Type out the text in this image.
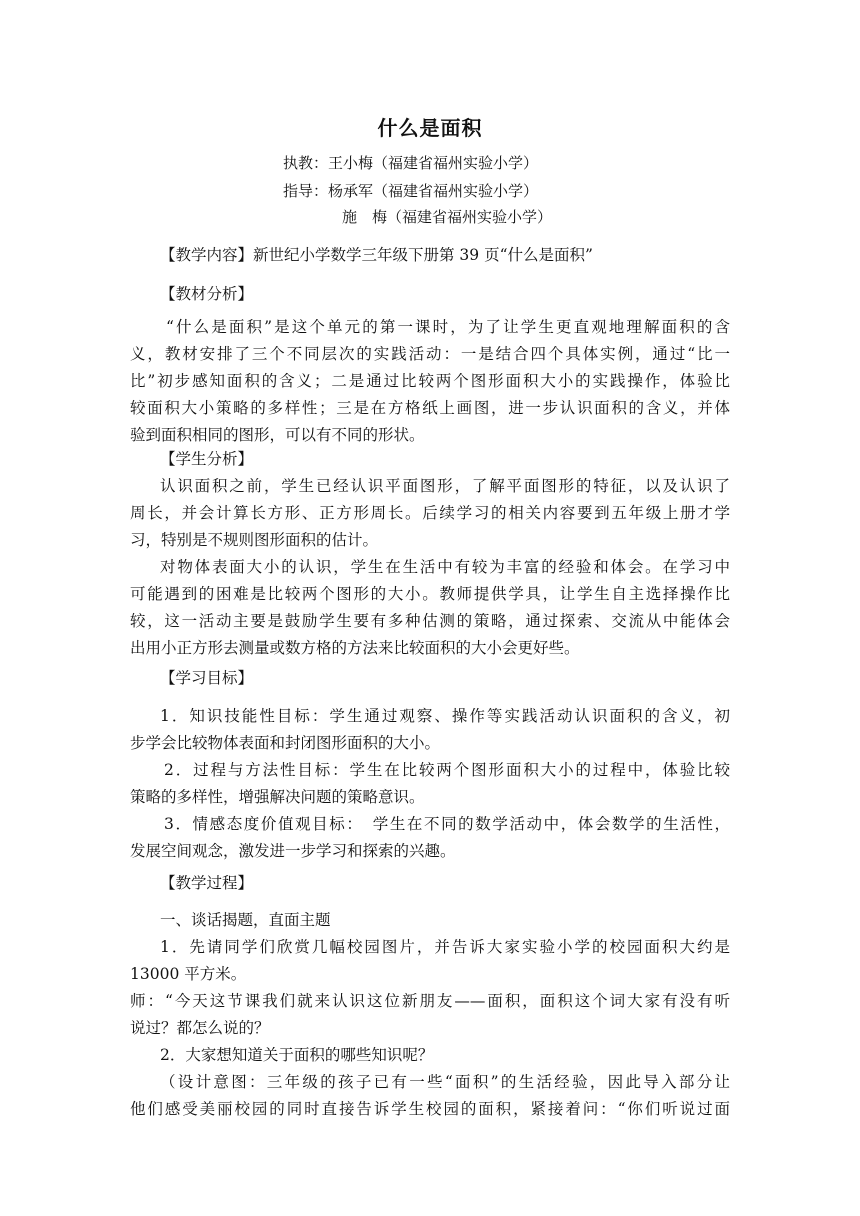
什么是面积
执教：王小梅（福建省福州实验小学）
指导：杨承军（福建省福州实验小学）
施　梅（福建省福州实验小学）
【教学内容】新世纪小学数学三年级下册第 39 页“什么是面积”
【教材分析】
“什么是面积”是这个单元的第一课时，为了让学生更直观地理解面积的含
义，教材安排了三个不同层次的实践活动：一是结合四个具体实例，通过“比一
比”初步感知面积的含义；二是通过比较两个图形面积大小的实践操作，体验比
较面积大小策略的多样性；三是在方格纸上画图，进一步认识面积的含义，并体
验到面积相同的图形，可以有不同的形状。
【学生分析】
认识面积之前，学生已经认识平面图形，了解平面图形的特征，以及认识了
周长，并会计算长方形、正方形周长。后续学习的相关内容要到五年级上册才学
习，特别是不规则图形面积的估计。
对物体表面大小的认识，学生在生活中有较为丰富的经验和体会。在学习中
可能遇到的困难是比较两个图形的大小。教师提供学具，让学生自主选择操作比
较，这一活动主要是鼓励学生要有多种估测的策略，通过探索、交流从中能体会
出用小正方形去测量或数方格的方法来比较面积的大小会更好些。
【学习目标】
1．知识技能性目标：学生通过观察、操作等实践活动认识面积的含义，初
步学会比较物体表面和封闭图形面积的大小。
2．过程与方法性目标：学生在比较两个图形面积大小的过程中，体验比较
策略的多样性，增强解决问题的策略意识。
3．情感态度价值观目标：　学生在不同的数学活动中，体会数学的生活性，
发展空间观念，激发进一步学习和探索的兴趣。
【教学过程】
一、谈话揭题，直面主题
1．先请同学们欣赏几幅校园图片，并告诉大家实验小学的校园面积大约是
13000 平方米。
师：“今天这节课我们就来认识这位新朋友——面积，面积这个词大家有没有听
说过？都怎么说的？
2．大家想知道关于面积的哪些知识呢？
（设计意图：三年级的孩子已有一些“面积”的生活经验，因此导入部分让
他们感受美丽校园的同时直接告诉学生校园的面积，紧接着问：“你们听说过面
